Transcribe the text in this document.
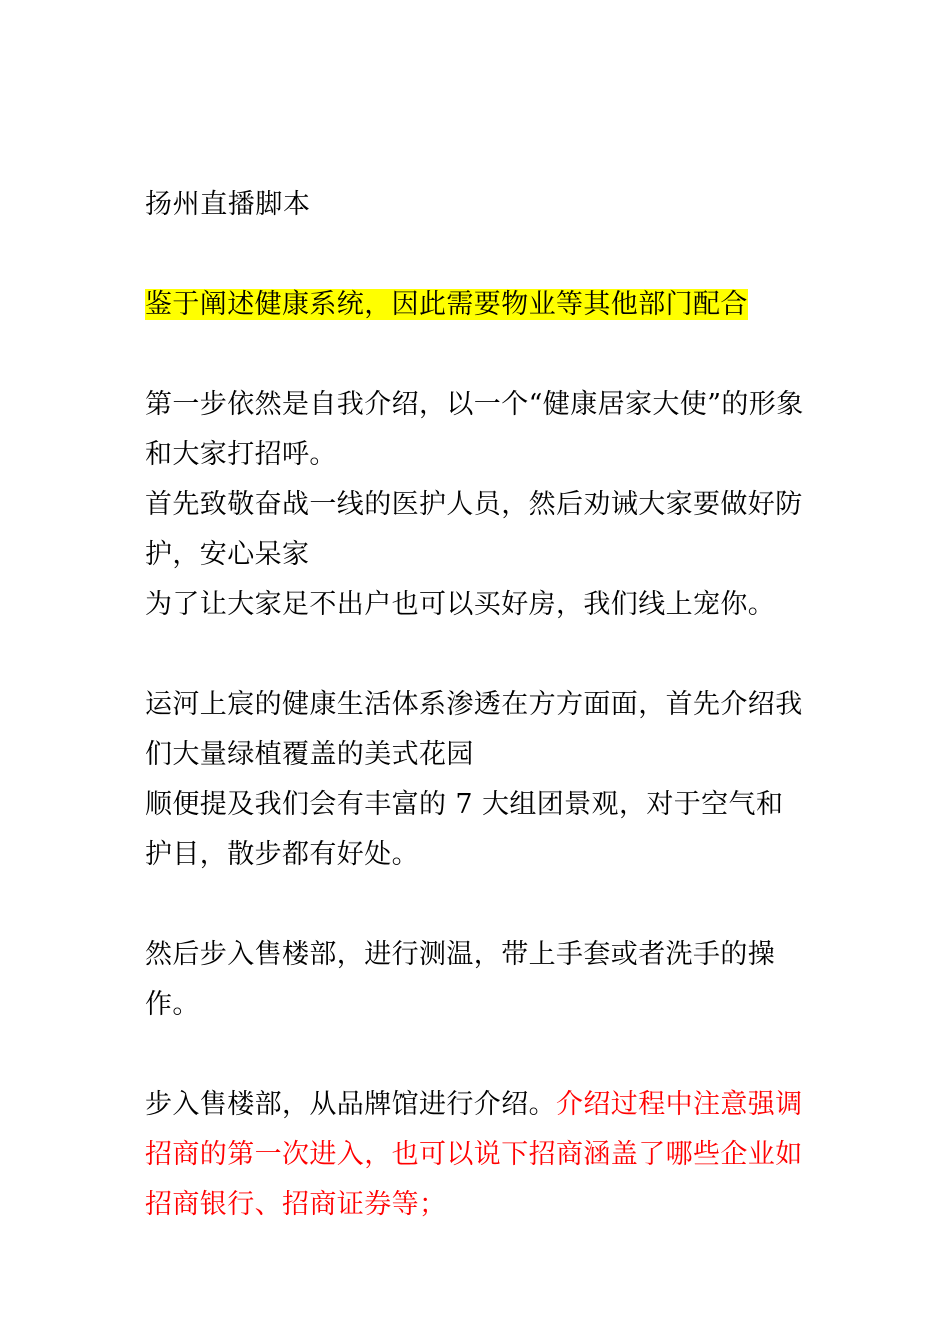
扬州直播脚本

鉴于阐述健康系统，因此需要物业等其他部门配合

第一步依然是自我介绍，以一个“健康居家大使”的形象和大家打招呼。

首先致敬奋战一线的医护人员，然后劝诫大家要做好防护，安心呆家

为了让大家足不出户也可以买好房，我们线上宠你。

运河上宸的健康生活体系渗透在方方面面，首先介绍我们大量绿植覆盖的美式花园

顺便提及我们会有丰富的 7 大组团景观，对于空气和护目，散步都有好处。

然后步入售楼部，进行测温，带上手套或者洗手的操作。

步入售楼部，从品牌馆进行介绍。介绍过程中注意强调招商的第一次进入，也可以说下招商涵盖了哪些企业如招商银行、招商证券等；
